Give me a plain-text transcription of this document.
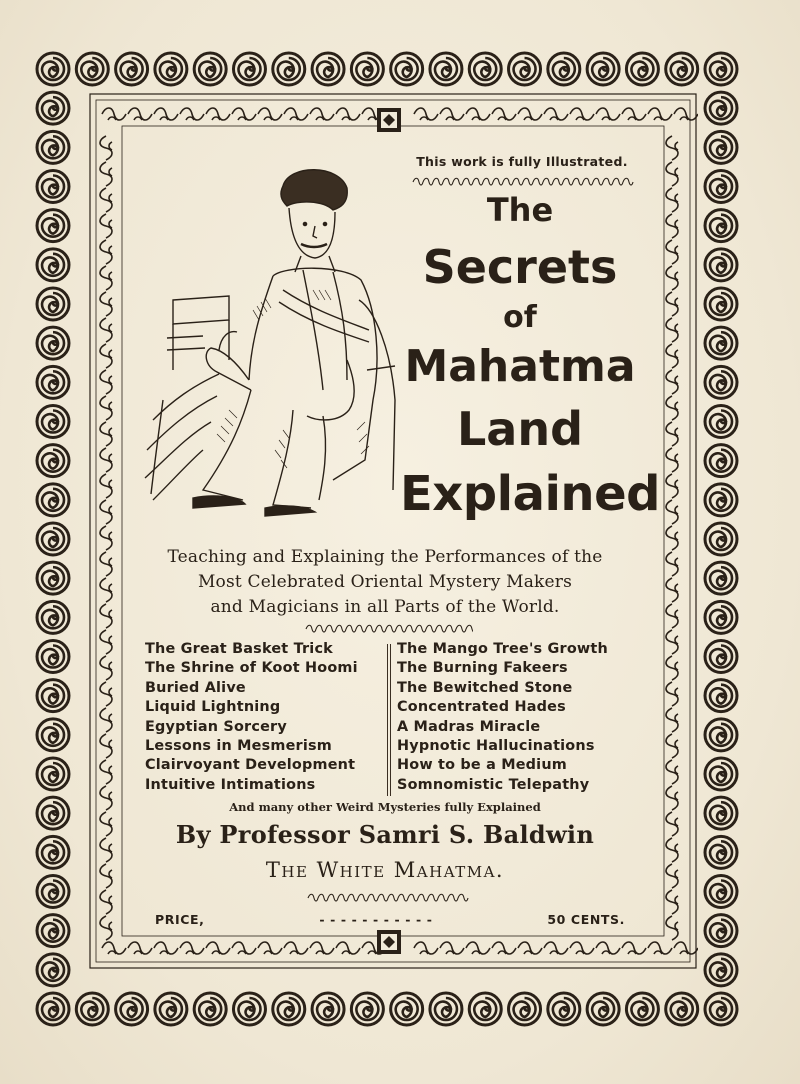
This work is fully Illustrated.
The
Secrets
of
Mahatma
Land
Explained
Teaching and Explaining the Performances of the
Most Celebrated Oriental Mystery Makers
and Magicians in all Parts of the World.
The Great Basket Trick
The Shrine of Koot Hoomi
Buried Alive
Liquid Lightning
Egyptian Sorcery
Lessons in Mesmerism
Clairvoyant Development
Intuitive Intimations
The Mango Tree's Growth
The Burning Fakeers
The Bewitched Stone
Concentrated Hades
A Madras Miracle
Hypnotic Hallucinations
How to be a Medium
Somnomistic Telepathy
And many other Weird Mysteries fully Explained
By Professor Samri S. Baldwin
The White Mahatma.
PRICE,	- - - - - - - - - - -	50 CENTS.
